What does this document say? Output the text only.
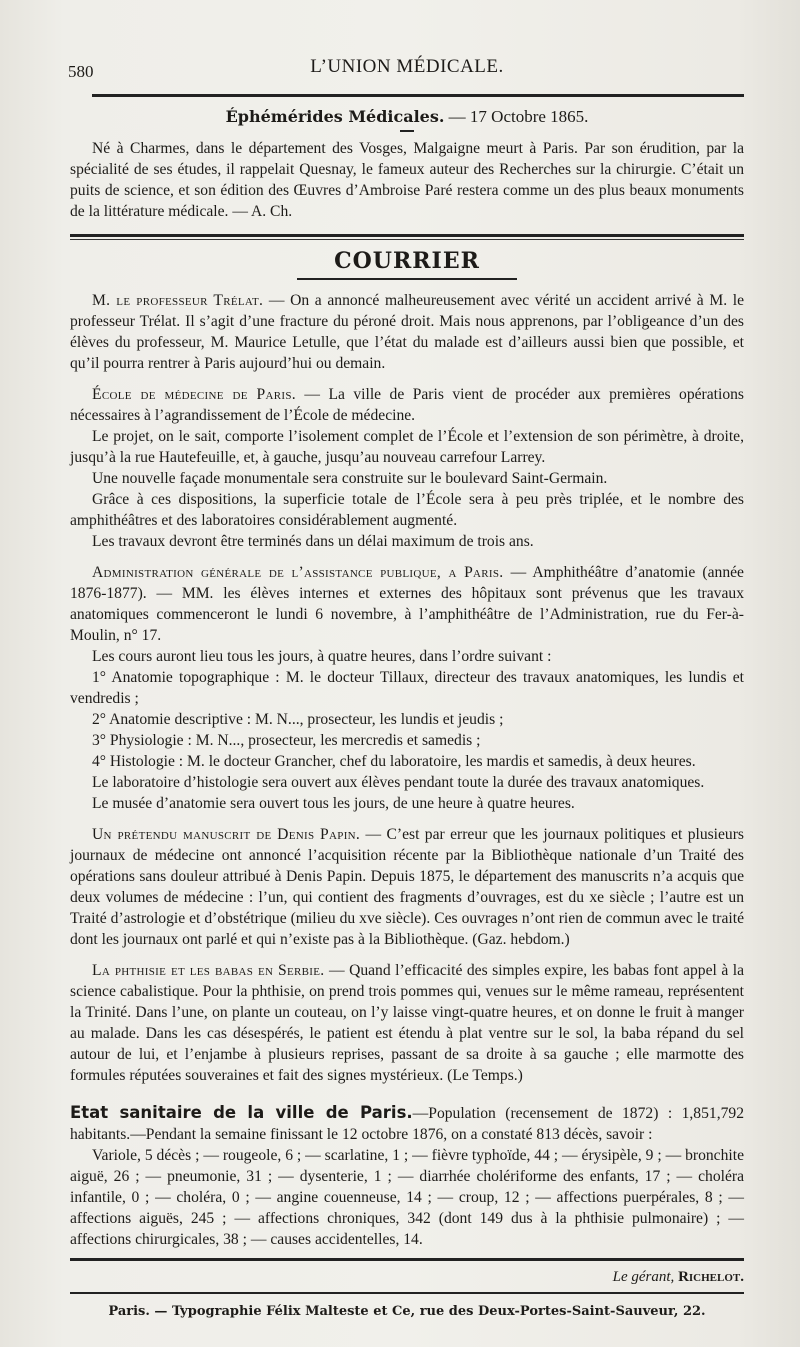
580	L’UNION MÉDICALE.
Éphémérides Médicales. — 17 Octobre 1865.

Né à Charmes, dans le département des Vosges, Malgaigne meurt à Paris. Par son érudition, par la spécialité de ses études, il rappelait Quesnay, le fameux auteur des Recherches sur la chirurgie. C’était un puits de science, et son édition des Œuvres d’Ambroise Paré restera comme un des plus beaux monuments de la littérature médicale. — A. Ch.

COURRIER

M. le professeur Trélat. — On a annoncé malheureusement avec vérité un accident arrivé à M. le professeur Trélat. Il s’agit d’une fracture du péroné droit. Mais nous apprenons, par l’obligeance d’un des élèves du professeur, M. Maurice Letulle, que l’état du malade est d’ailleurs aussi bien que possible, et qu’il pourra rentrer à Paris aujourd’hui ou demain.

École de médecine de Paris. — La ville de Paris vient de procéder aux premières opérations nécessaires à l’agrandissement de l’École de médecine.

Le projet, on le sait, comporte l’isolement complet de l’École et l’extension de son périmètre, à droite, jusqu’à la rue Hautefeuille, et, à gauche, jusqu’au nouveau carrefour Larrey.

Une nouvelle façade monumentale sera construite sur le boulevard Saint-Germain.

Grâce à ces dispositions, la superficie totale de l’École sera à peu près triplée, et le nombre des amphithéâtres et des laboratoires considérablement augmenté.

Les travaux devront être terminés dans un délai maximum de trois ans.

Administration générale de l’assistance publique, a Paris. — Amphithéâtre d’anatomie (année 1876-1877). — MM. les élèves internes et externes des hôpitaux sont prévenus que les travaux anatomiques commenceront le lundi 6 novembre, à l’amphithéâtre de l’Administration, rue du Fer-à-Moulin, n° 17.

Les cours auront lieu tous les jours, à quatre heures, dans l’ordre suivant :

1° Anatomie topographique : M. le docteur Tillaux, directeur des travaux anatomiques, les lundis et vendredis ;

2° Anatomie descriptive : M. N..., prosecteur, les lundis et jeudis ;

3° Physiologie : M. N..., prosecteur, les mercredis et samedis ;

4° Histologie : M. le docteur Grancher, chef du laboratoire, les mardis et samedis, à deux heures.

Le laboratoire d’histologie sera ouvert aux élèves pendant toute la durée des travaux anatomiques.

Le musée d’anatomie sera ouvert tous les jours, de une heure à quatre heures.

Un prétendu manuscrit de Denis Papin. — C’est par erreur que les journaux politiques et plusieurs journaux de médecine ont annoncé l’acquisition récente par la Bibliothèque nationale d’un Traité des opérations sans douleur attribué à Denis Papin. Depuis 1875, le département des manuscrits n’a acquis que deux volumes de médecine : l’un, qui contient des fragments d’ouvrages, est du xe siècle ; l’autre est un Traité d’astrologie et d’obstétrique (milieu du xve siècle). Ces ouvrages n’ont rien de commun avec le traité dont les journaux ont parlé et qui n’existe pas à la Bibliothèque. (Gaz. hebdom.)

La phthisie et les babas en Serbie. — Quand l’efficacité des simples expire, les babas font appel à la science cabalistique. Pour la phthisie, on prend trois pommes qui, venues sur le même rameau, représentent la Trinité. Dans l’une, on plante un couteau, on l’y laisse vingt-quatre heures, et on donne le fruit à manger au malade. Dans les cas désespérés, le patient est étendu à plat ventre sur le sol, la baba répand du sel autour de lui, et l’enjambe à plusieurs reprises, passant de sa droite à sa gauche ; elle marmotte des formules réputées souveraines et fait des signes mystérieux. (Le Temps.)

Etat sanitaire de la ville de Paris.—Population (recensement de 1872) : 1,851,792 habitants.—Pendant la semaine finissant le 12 octobre 1876, on a constaté 813 décès, savoir :

Variole, 5 décès ; — rougeole, 6 ; — scarlatine, 1 ; — fièvre typhoïde, 44 ; — érysipèle, 9 ; — bronchite aiguë, 26 ; — pneumonie, 31 ; — dysenterie, 1 ; — diarrhée cholériforme des enfants, 17 ; — choléra infantile, 0 ; — choléra, 0 ; — angine couenneuse, 14 ; — croup, 12 ; — affections puerpérales, 8 ; — affections aiguës, 245 ; — affections chroniques, 342 (dont 149 dus à la phthisie pulmonaire) ; — affections chirurgicales, 38 ; — causes accidentelles, 14.

Le gérant, Richelot.
Paris. — Typographie Félix Malteste et Ce, rue des Deux-Portes-Saint-Sauveur, 22.
